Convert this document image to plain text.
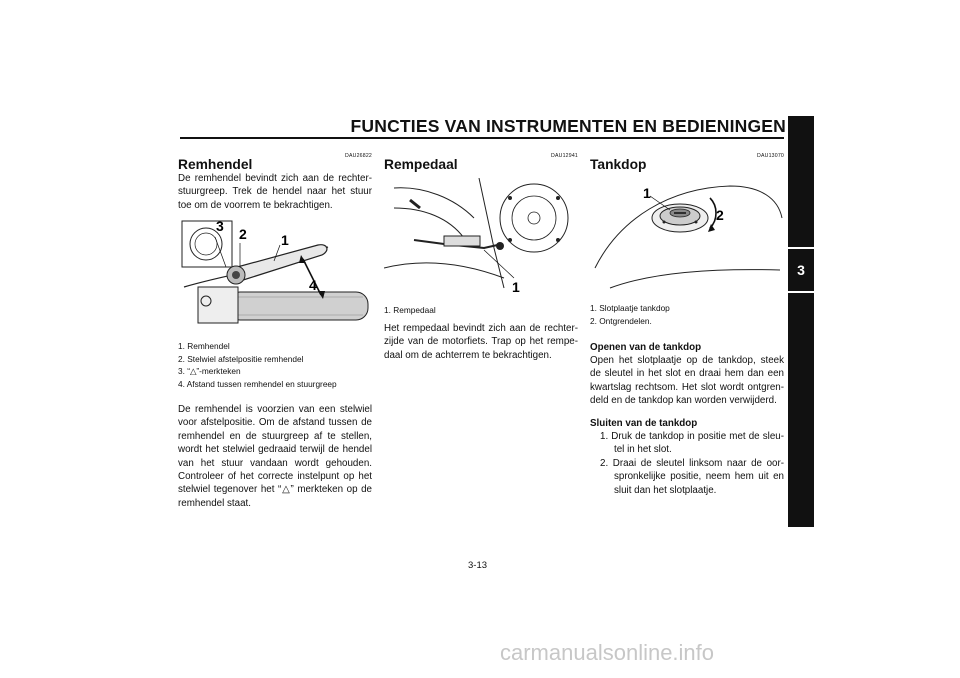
FUNCTIES VAN INSTRUMENTEN EN BEDIENINGEN
3
DAU26822
Remhendel
De remhendel bevindt zich aan de rechter-stuurgreep. Trek de hendel naar het stuur toe om de voorrem te bekrachtigen.
3 2 1
4
1. Remhendel
2. Stelwiel afstelpositie remhendel
3. “△”-merkteken
4. Afstand tussen remhendel en stuurgreep
De remhendel is voorzien van een stelwiel voor afstelpositie. Om de afstand tussen de remhendel en de stuurgreep af te stellen, wordt het stelwiel gedraaid terwijl de hendel van het stuur vandaan wordt gehouden. Controleer of het correcte instelpunt op het stelwiel tegenover het “△” merkteken op de remhendel staat.
DAU12941
Rempedaal
1
1. Rempedaal
Het rempedaal bevindt zich aan de rechter-zijde van de motorfiets. Trap op het rempe-daal om de achterrem te bekrachtigen.
DAU13070
Tankdop
1
2
1. Slotplaatje tankdop
2. Ontgrendelen.
Openen van de tankdop
Open het slotplaatje op de tankdop, steek de sleutel in het slot en draai hem dan een kwartslag rechtsom. Het slot wordt ontgren-deld en de tankdop kan worden verwijderd.
Sluiten van de tankdop
1. Druk de tankdop in positie met de sleu-tel in het slot.
2. Draai de sleutel linksom naar de oor-spronkelijke positie, neem hem uit en sluit dan het slotplaatje.
3-13
carmanualsonline.info
